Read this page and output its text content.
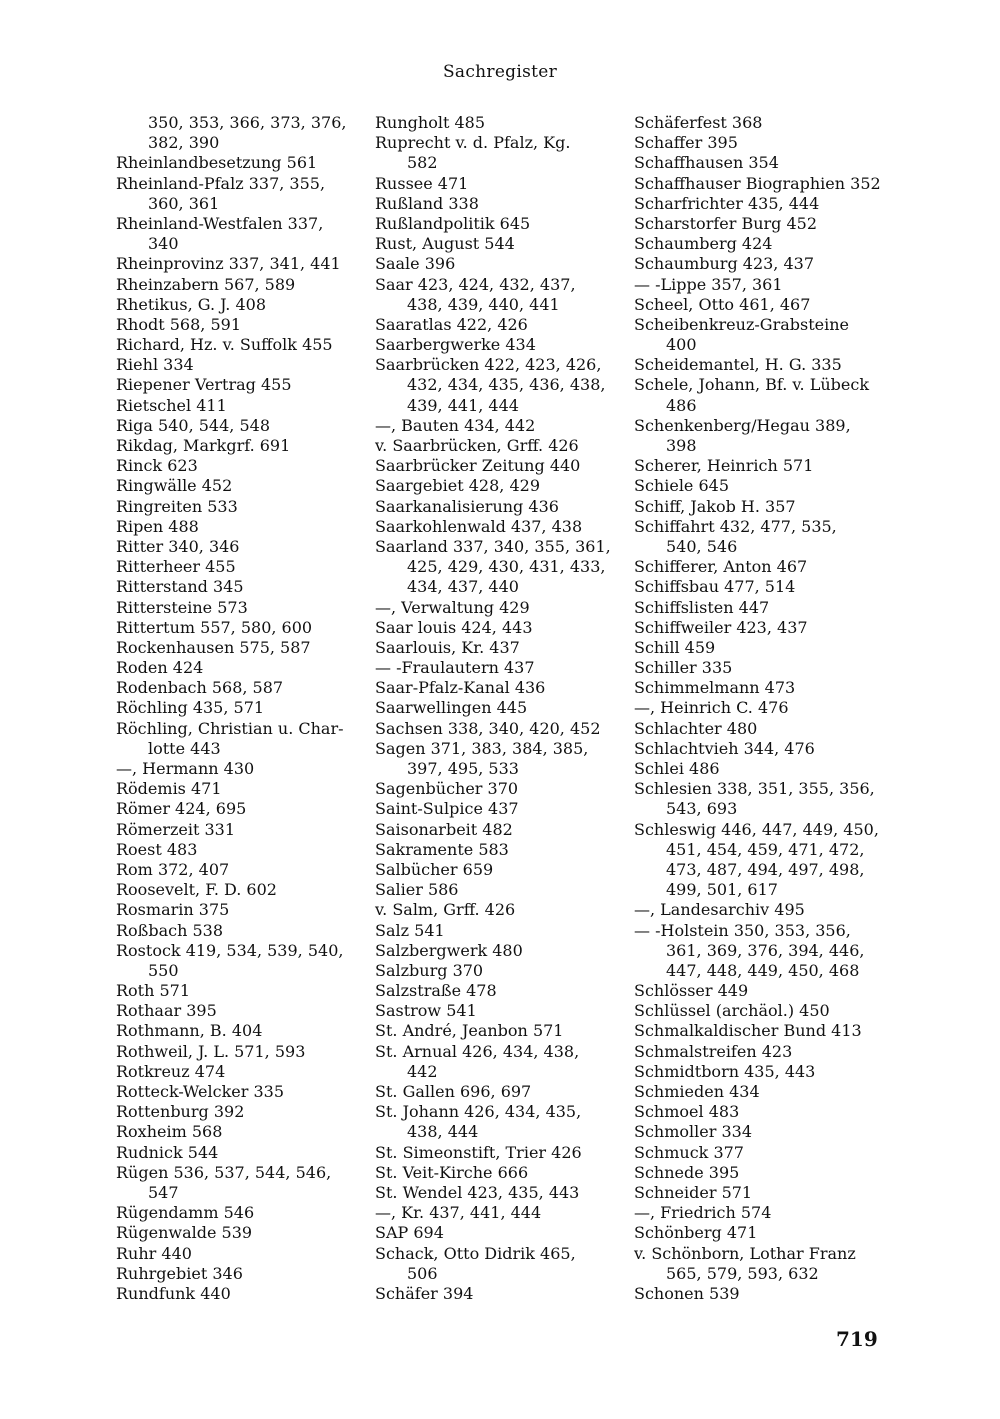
Sachregister
350, 353, 366, 373, 376,
382, 390
Rheinlandbesetzung 561
Rheinland-Pfalz 337, 355,
360, 361
Rheinland-Westfalen 337,
340
Rheinprovinz 337, 341, 441
Rheinzabern 567, 589
Rhetikus, G. J. 408
Rhodt 568, 591
Richard, Hz. v. Suffolk 455
Riehl 334
Riepener Vertrag 455
Rietschel 411
Riga 540, 544, 548
Rikdag, Markgrf. 691
Rinck 623
Ringwälle 452
Ringreiten 533
Ripen 488
Ritter 340, 346
Ritterheer 455
Ritterstand 345
Rittersteine 573
Rittertum 557, 580, 600
Rockenhausen 575, 587
Roden 424
Rodenbach 568, 587
Röchling 435, 571
Röchling, Christian u. Char-
lotte 443
—, Hermann 430
Rödemis 471
Römer 424, 695
Römerzeit 331
Roest 483
Rom 372, 407
Roosevelt, F. D. 602
Rosmarin 375
Roßbach 538
Rostock 419, 534, 539, 540,
550
Roth 571
Rothaar 395
Rothmann, B. 404
Rothweil, J. L. 571, 593
Rotkreuz 474
Rotteck-Welcker 335
Rottenburg 392
Roxheim 568
Rudnick 544
Rügen 536, 537, 544, 546,
547
Rügendamm 546
Rügenwalde 539
Ruhr 440
Ruhrgebiet 346
Rundfunk 440
Rungholt 485
Ruprecht v. d. Pfalz, Kg.
582
Russee 471
Rußland 338
Rußlandpolitik 645
Rust, August 544
Saale 396
Saar 423, 424, 432, 437,
438, 439, 440, 441
Saaratlas 422, 426
Saarbergwerke 434
Saarbrücken 422, 423, 426,
432, 434, 435, 436, 438,
439, 441, 444
—, Bauten 434, 442
v. Saarbrücken, Grff. 426
Saarbrücker Zeitung 440
Saargebiet 428, 429
Saarkanalisierung 436
Saarkohlenwald 437, 438
Saarland 337, 340, 355, 361,
425, 429, 430, 431, 433,
434, 437, 440
—, Verwaltung 429
Saar louis 424, 443
Saarlouis, Kr. 437
— -Fraulautern 437
Saar-Pfalz-Kanal 436
Saarwellingen 445
Sachsen 338, 340, 420, 452
Sagen 371, 383, 384, 385,
397, 495, 533
Sagenbücher 370
Saint-Sulpice 437
Saisonarbeit 482
Sakramente 583
Salbücher 659
Salier 586
v. Salm, Grff. 426
Salz 541
Salzbergwerk 480
Salzburg 370
Salzstraße 478
Sastrow 541
St. André, Jeanbon 571
St. Arnual 426, 434, 438,
442
St. Gallen 696, 697
St. Johann 426, 434, 435,
438, 444
St. Simeonstift, Trier 426
St. Veit-Kirche 666
St. Wendel 423, 435, 443
—, Kr. 437, 441, 444
SAP 694
Schack, Otto Didrik 465,
506
Schäfer 394
Schäferfest 368
Schaffer 395
Schaffhausen 354
Schaffhauser Biographien 352
Scharfrichter 435, 444
Scharstorfer Burg 452
Schaumberg 424
Schaumburg 423, 437
— -Lippe 357, 361
Scheel, Otto 461, 467
Scheibenkreuz-Grabsteine
400
Scheidemantel, H. G. 335
Schele, Johann, Bf. v. Lübeck
486
Schenkenberg/Hegau 389,
398
Scherer, Heinrich 571
Schiele 645
Schiff, Jakob H. 357
Schiffahrt 432, 477, 535,
540, 546
Schifferer, Anton 467
Schiffsbau 477, 514
Schiffslisten 447
Schiffweiler 423, 437
Schill 459
Schiller 335
Schimmelmann 473
—, Heinrich C. 476
Schlachter 480
Schlachtvieh 344, 476
Schlei 486
Schlesien 338, 351, 355, 356,
543, 693
Schleswig 446, 447, 449, 450,
451, 454, 459, 471, 472,
473, 487, 494, 497, 498,
499, 501, 617
—, Landesarchiv 495
— -Holstein 350, 353, 356,
361, 369, 376, 394, 446,
447, 448, 449, 450, 468
Schlösser 449
Schlüssel (archäol.) 450
Schmalkaldischer Bund 413
Schmalstreifen 423
Schmidtborn 435, 443
Schmieden 434
Schmoel 483
Schmoller 334
Schmuck 377
Schnede 395
Schneider 571
—, Friedrich 574
Schönberg 471
v. Schönborn, Lothar Franz
565, 579, 593, 632
Schonen 539
719
